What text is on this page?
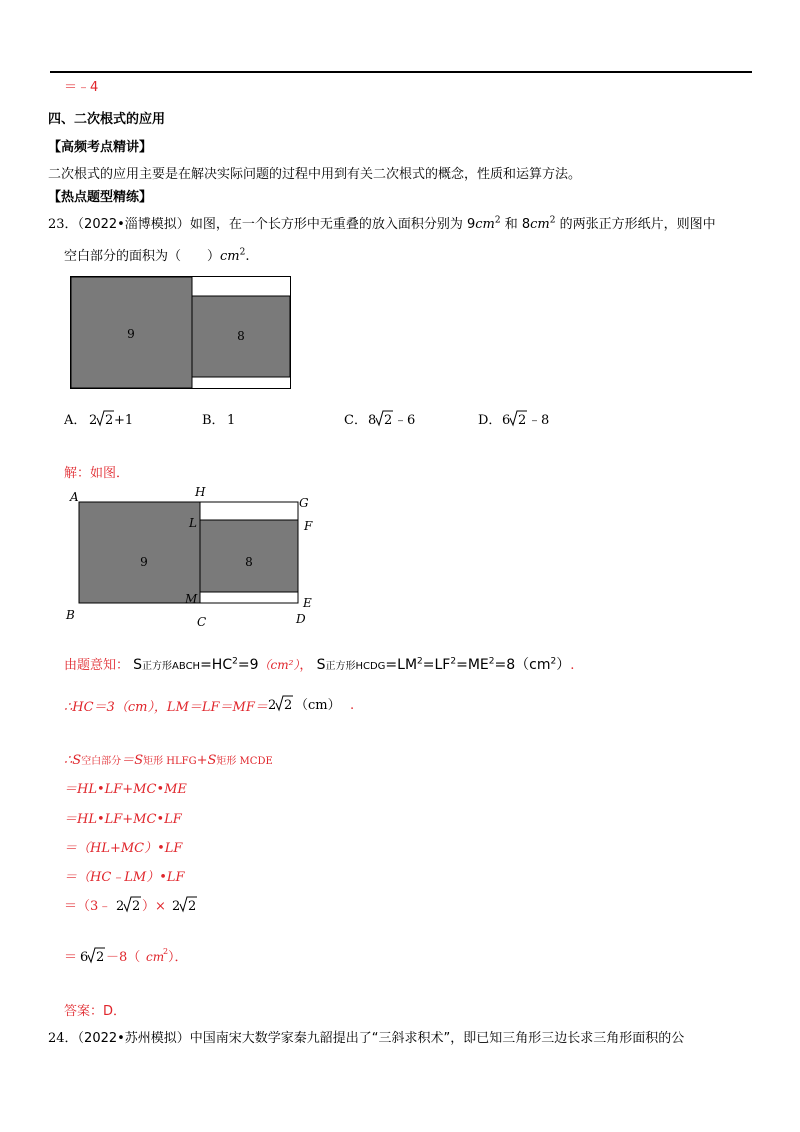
＝﹣4
四、二次根式的应用
【高频考点精讲】
二次根式的应用主要是在解决实际问题的过程中用到有关二次根式的概念，性质和运算方法。
【热点题型精练】
23．（2022•淄博模拟）如图，在一个长方形中无重叠的放入面积分别为 $9cm^2$ 和 $8cm^2$ 的两张正方形纸片，则图中
空白部分的面积为（　　）$cm^2$.
9	8
A． 2 2 +1	B． 1	C． 8 2 ﹣6	D． 6 2 ﹣8
解：如图．
9	8
A	H
G
L	F
M	E
B	C	D
由题意知： S正方形$ABCH=HC^2=9(cm^2)$， S正方形$HCDG=LM^2=LF^2=ME^2=8(cm^2)$.
∴HC＝3（cm），LM＝LF＝MF＝ 2 2 （cm） .
∴S空白部分＝S矩形 HLFG+S矩形 MCDE
＝HL•LF+MC•ME
＝HL•LF+MC•LF
＝（HL+MC）•LF
＝（HC﹣LM）•LF
＝（3﹣ 2 2 ）× 2 2
＝ 6 2 －8（ cm
2 ）．
答案：D．
24．（2022•苏州模拟）中国南宋大数学家秦九韶提出了“三斜求积术”，即已知三角形三边长求三角形面积的公
